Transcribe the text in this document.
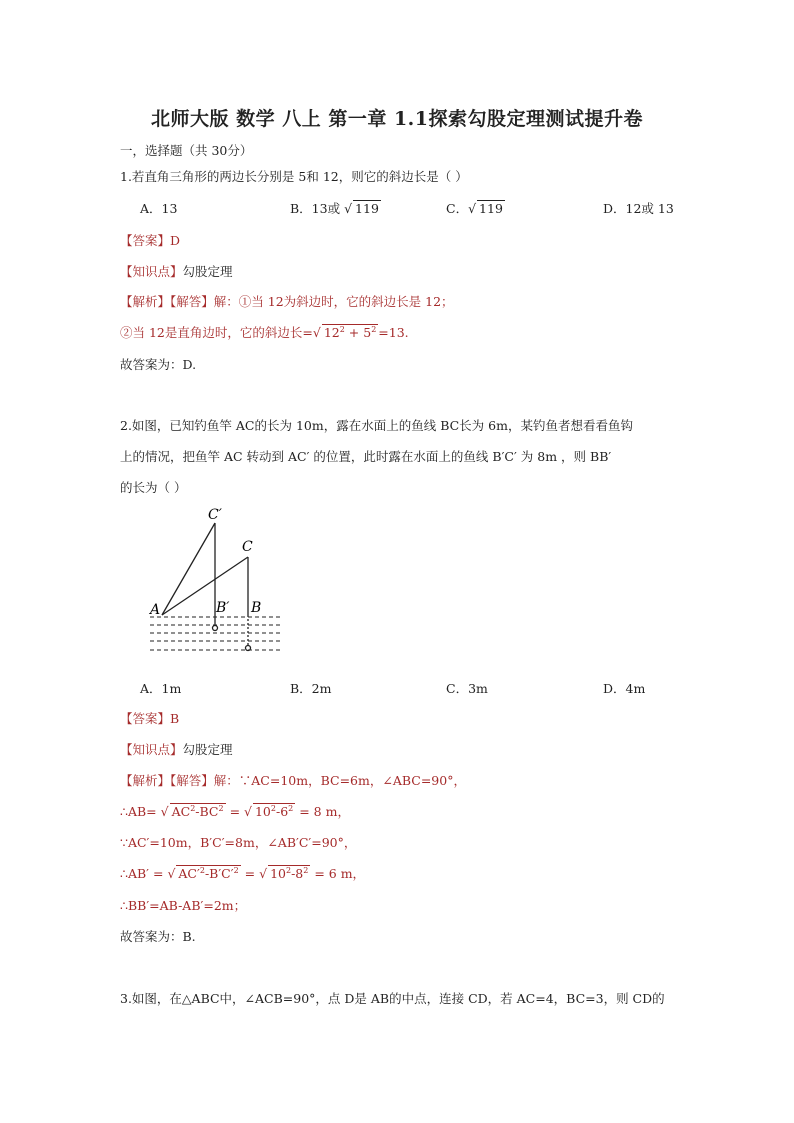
北师大版 数学 八上 第一章 1.1探索勾股定理测试提升卷
一，选择题（共 30分）
1.若直角三角形的两边长分别是 5和 12，则它的斜边长是（ ）
A．13	B．13或 √ 119	C．√ 119	D．12或 13
【答案】D
【知识点】勾股定理
【解析】【解答】解：①当 12为斜边时，它的斜边长是 12；
②当 12是直角边时，它的斜边长=√ $12^2 + 5^2 =13$.
故答案为：D.
2.如图，已知钓鱼竿 AC的长为 10m，露在水面上的鱼线 BC长为 6m，某钓鱼者想看看鱼钩
上的情况，把鱼竿 AC 转动到 AC′ 的位置，此时露在水面上的鱼线 B′C′ 为 8m ，则 BB′
的长为（ ）
A	B′ B
C
C′
A．1m	B．2m	C．3m	D．4m
【答案】B
【知识点】勾股定理
【解析】【解答】解：∵AC=10m，BC=6m，∠ABC=90°，
∴AB= √ $AC^2-BC^2$ = √ $10^2-6^2 = 8$ m，
∵AC′=10m，B′C′=8m，∠AB′C′=90°，
∴AB′ = √ $AC'^2-B'C'^2$ = √ $10^2-8^2 = 6$ m，
∴BB′=AB-AB′=2m；
故答案为：B.
3.如图，在△ABC中，∠ACB=90°，点 D是 AB的中点，连接 CD，若 AC=4，BC=3，则 CD的
